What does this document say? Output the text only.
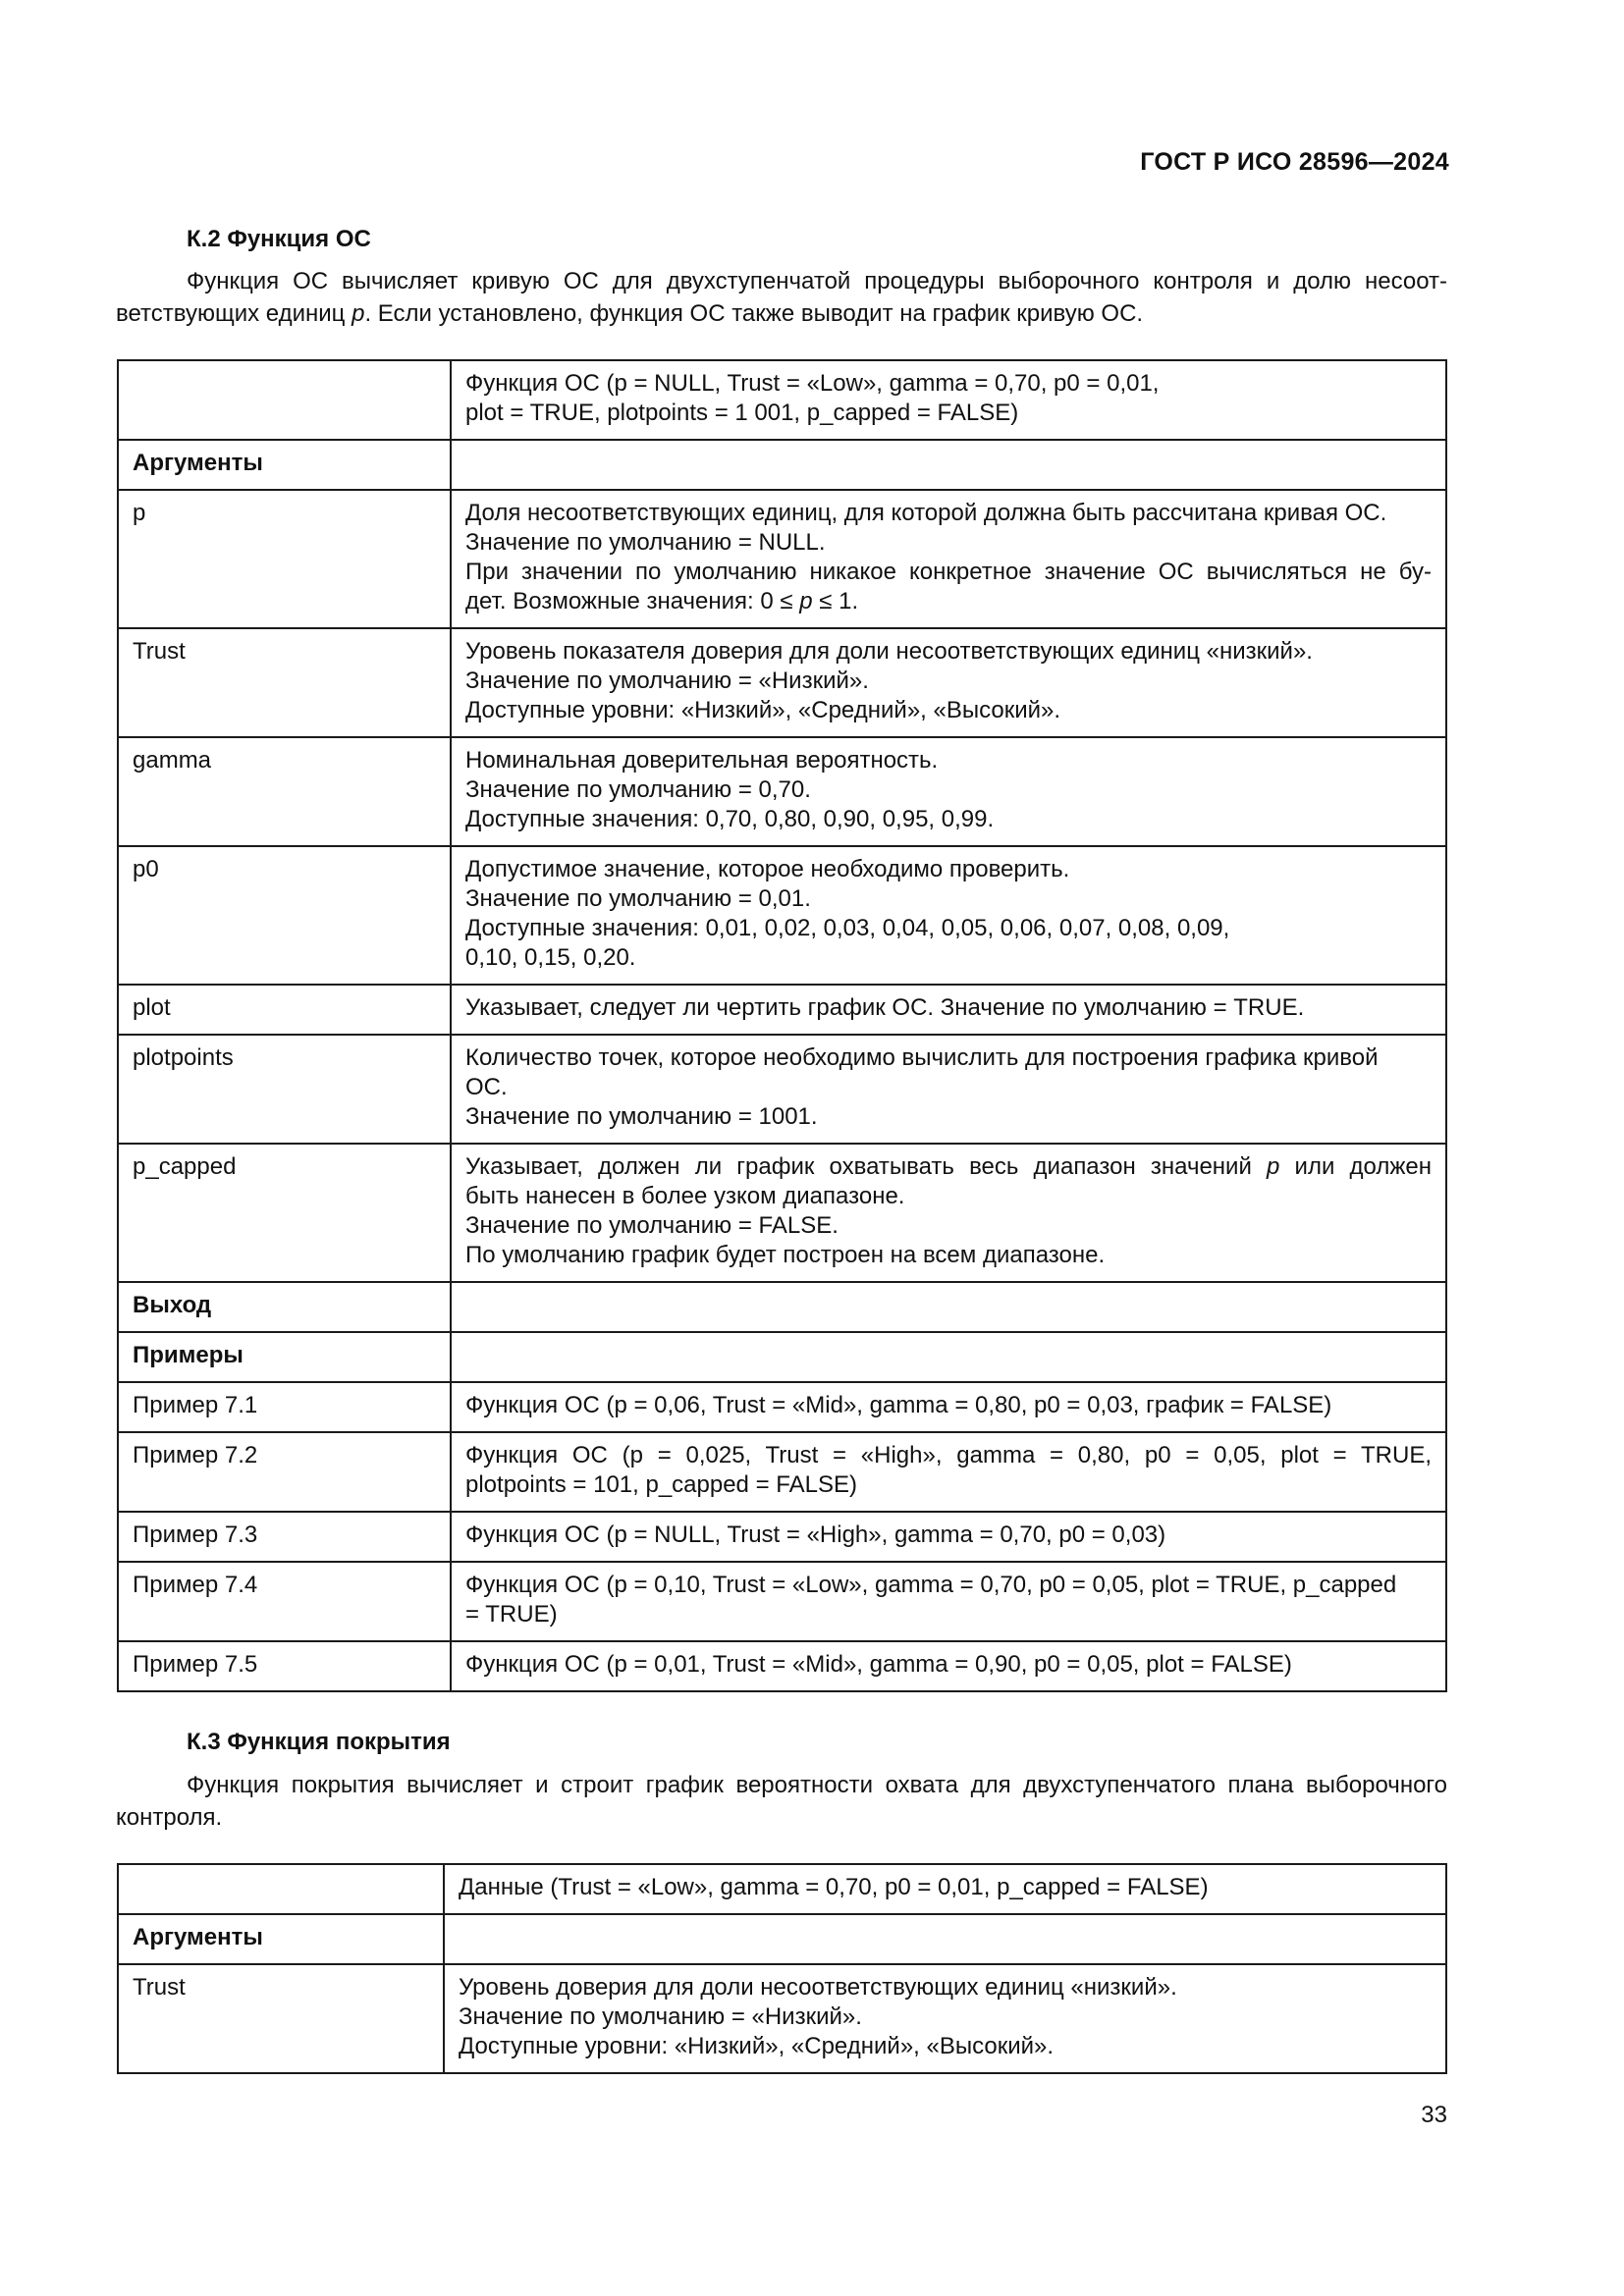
ГОСТ Р ИСО 28596—2024
К.2 Функция ОС
Функция ОС вычисляет кривую ОС для двухступенчатой процедуры выборочного контроля и долю несоот-
ветствующих единиц p. Если установлено, функция ОС также выводит на график кривую ОС.

	Функция ОС (p = NULL, Trust = «Low», gamma = 0,70, p0 = 0,01,
plot = TRUE, plotpoints = 1 001, p_capped = FALSE)

Аргументы	
p	Доля несоответствующих единиц, для которой должна быть рассчитана кривая ОС.
Значение по умолчанию = NULL.
При значении по умолчанию никакое конкретное значение ОС вычисляться не бу-
дет. Возможные значения: 0 ≤ p ≤ 1.

Trust	Уровень показателя доверия для доли несоответствующих единиц «низкий».
Значение по умолчанию = «Низкий».
Доступные уровни: «Низкий», «Средний», «Высокий».

gamma	Номинальная доверительная вероятность.
Значение по умолчанию = 0,70.
Доступные значения: 0,70, 0,80, 0,90, 0,95, 0,99.

p0	Допустимое значение, которое необходимо проверить.
Значение по умолчанию = 0,01.
Доступные значения: 0,01, 0,02, 0,03, 0,04, 0,05, 0,06, 0,07, 0,08, 0,09,
0,10, 0,15, 0,20.

plot	Указывает, следует ли чертить график ОС. Значение по умолчанию = TRUE.

plotpoints	Количество точек, которое необходимо вычислить для построения графика кривой
ОС.
Значение по умолчанию = 1001.

p_capped	Указывает, должен ли график охватывать весь диапазон значений p или должен
быть нанесен в более узком диапазоне.
Значение по умолчанию = FALSE.
По умолчанию график будет построен на всем диапазоне.

Выход	
Примеры	
Пример 7.1	Функция ОС (p = 0,06, Trust = «Mid», gamma = 0,80, p0 = 0,03, график = FALSE)

Пример 7.2	Функция ОС (p = 0,025, Trust = «High», gamma = 0,80, p0 = 0,05, plot = TRUE,
plotpoints = 101, p_capped = FALSE)

Пример 7.3	Функция ОС (p = NULL, Trust = «High», gamma = 0,70, p0 = 0,03)

Пример 7.4	Функция ОС (p = 0,10, Trust = «Low», gamma = 0,70, p0 = 0,05, plot = TRUE, p_capped
= TRUE)

Пример 7.5	Функция ОС (p = 0,01, Trust = «Mid», gamma = 0,90, p0 = 0,05, plot = FALSE)
К.3 Функция покрытия
Функция покрытия вычисляет и строит график вероятности охвата для двухступенчатого плана выборочного
контроля.

	Данные (Trust = «Low», gamma = 0,70, p0 = 0,01, p_capped = FALSE)

Аргументы	
Trust	Уровень доверия для доли несоответствующих единиц «низкий».
Значение по умолчанию = «Низкий».
Доступные уровни: «Низкий», «Средний», «Высокий».
33
